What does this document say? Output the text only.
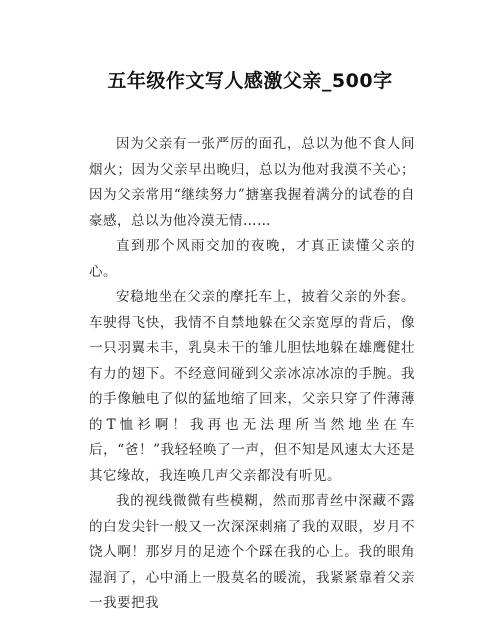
五年级作文写人感激父亲_500字

因为父亲有一张严厉的面孔，总以为他不食人间烟火；因为父亲早出晚归，总以为他对我漠不关心；因为父亲常用“继续努力”搪塞我握着满分的试卷的自豪感，总以为他冷漠无情……

直到那个风雨交加的夜晚，才真正读懂父亲的心。

安稳地坐在父亲的摩托车上，披着父亲的外套。车驶得飞快，我情不自禁地躲在父亲宽厚的背后，像一只羽翼未丰，乳臭未干的雏儿胆怯地躲在雄鹰健壮有力的翅下。不经意间碰到父亲冰凉冰凉的手腕。我的手像触电了似的猛地缩了回来，父亲只穿了件薄薄的T恤衫啊！我再也无法理所当然地坐在车后，“爸！”我轻轻唤了一声，但不知是风速太大还是其它缘故，我连唤几声父亲都没有听见。

我的视线微微有些模糊，然而那青丝中深藏不露的白发尖针一般又一次深深刺痛了我的双眼，岁月不饶人啊！那岁月的足迹个个踩在我的心上。我的眼角湿润了，心中涌上一股莫名的暖流，我紧紧靠着父亲一我要把我
